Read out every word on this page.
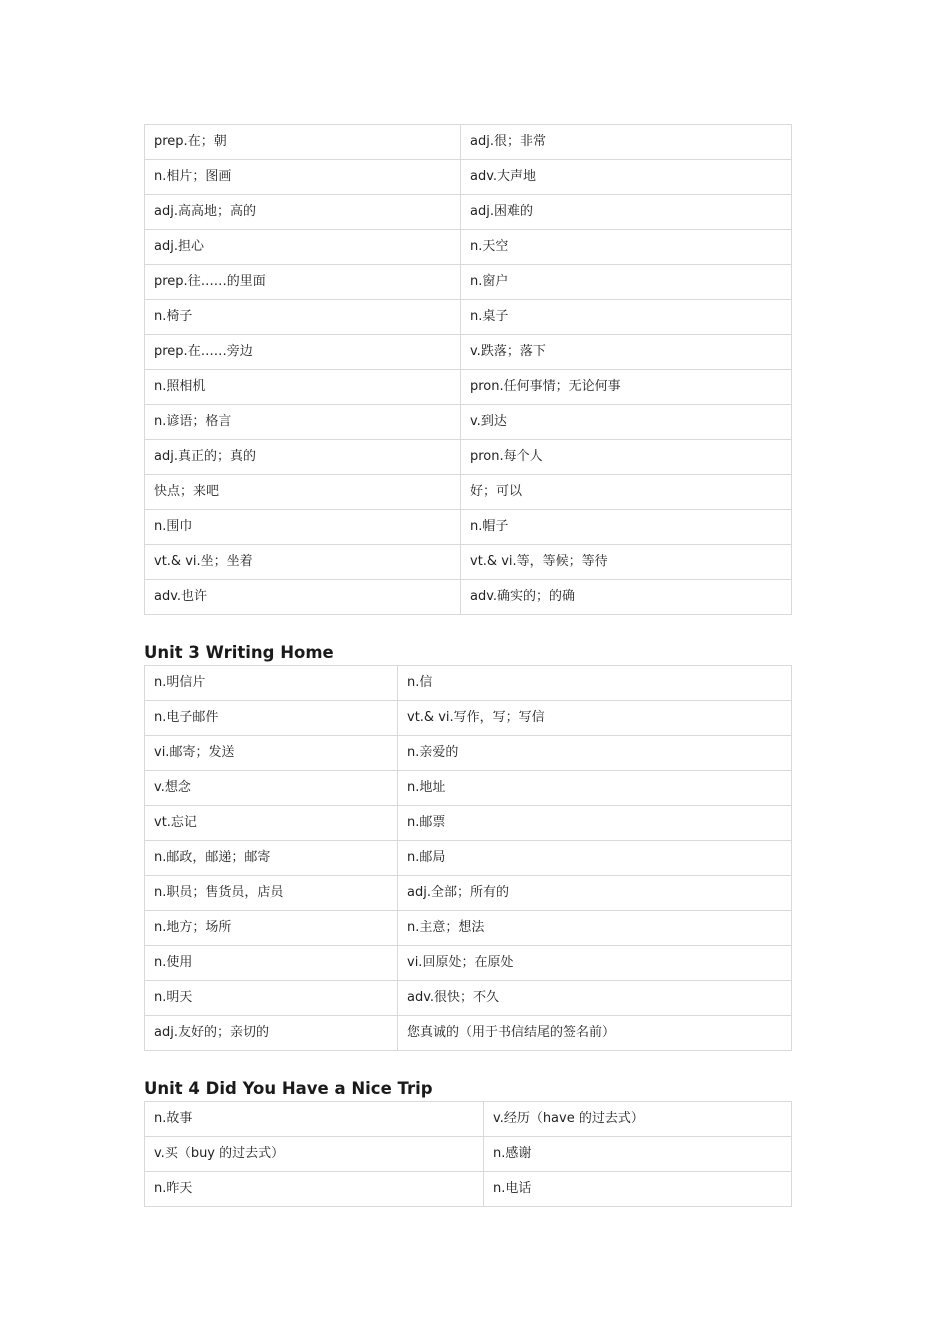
prep.在；朝	adj.很；非常
n.相片；图画	adv.大声地
adj.高高地；高的	adj.困难的
adj.担心	n.天空
prep.往……的里面	n.窗户
n.椅子	n.桌子
prep.在……旁边	v.跌落；落下
n.照相机	pron.任何事情；无论何事
n.谚语；格言	v.到达
adj.真正的；真的	pron.每个人
快点；来吧	好；可以
n.围巾	n.帽子
vt.& vi.坐；坐着	vt.& vi.等，等候；等待
adv.也许	adv.确实的；的确
Unit 3 Writing Home
n.明信片	n.信
n.电子邮件	vt.& vi.写作，写；写信
vi.邮寄；发送	n.亲爱的
v.想念	n.地址
vt.忘记	n.邮票
n.邮政，邮递；邮寄	n.邮局
n.职员；售货员，店员	adj.全部；所有的
n.地方；场所	n.主意；想法
n.使用	vi.回原处；在原处
n.明天	adv.很快；不久
adj.友好的；亲切的	您真诚的（用于书信结尾的签名前）
Unit 4 Did You Have a Nice Trip
n.故事	v.经历（have 的过去式）
v.买（buy 的过去式）	n.感谢
n.昨天	n.电话
